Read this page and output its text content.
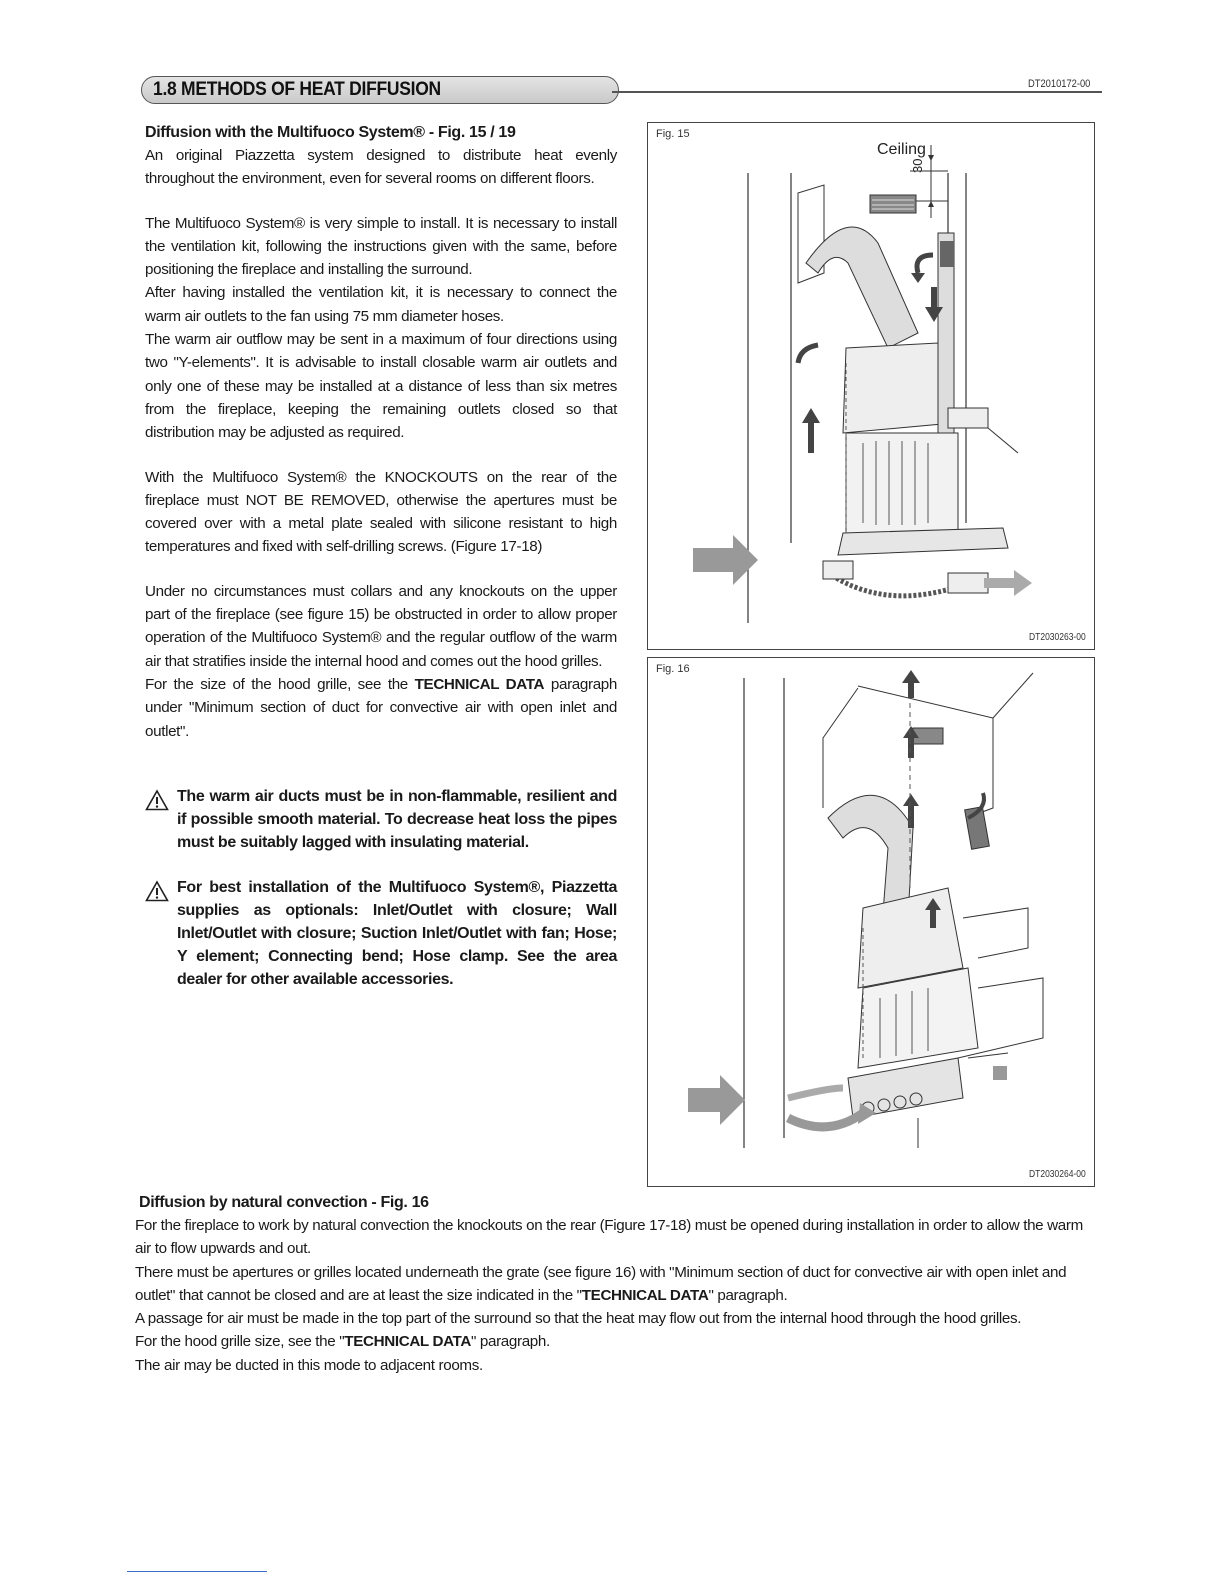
1.8 METHODS OF HEAT DIFFUSION	DT2010172-00
Diffusion with the Multifuoco System® - Fig. 15 / 19

An original Piazzetta system designed to distribute heat evenly throughout the environment, even for several rooms on different floors.

The Multifuoco System® is very simple to install. It is necessary to install the ventilation kit, following the instructions given with the same, before positioning the fireplace and installing the surround.

After having installed the ventilation kit, it is necessary to connect the warm air outlets to the fan using 75 mm diameter hoses.

The warm air outflow may be sent in a maximum of four directions using two "Y-elements". It is advisable to install closable warm air outlets and only one of these may be installed at a distance of less than six metres from the fireplace, keeping the remaining outlets closed so that distribution may be adjusted as required.

With the Multifuoco System® the KNOCKOUTS on the rear of the fireplace must NOT BE REMOVED, otherwise the apertures must be covered over with a metal plate sealed with silicone resistant to high temperatures and fixed with self-drilling screws. (Figure 17-18)

Under no circumstances must collars and any knockouts on the upper part of the fireplace (see figure 15) be obstructed in order to allow proper operation of the Multifuoco System® and the regular outflow of the warm air that stratifies inside the internal hood and comes out the hood grilles.

For the size of the hood grille, see the TECHNICAL DATA paragraph under "Minimum section of duct for convective air with open inlet and outlet".

The warm air ducts must be in non-flammable, resilient and if possible smooth material. To decrease heat loss the pipes must be suitably lagged with insulating material.
For best installation of the Multifuoco System®, Piazzetta supplies as optionals: Inlet/Outlet with closure; Wall Inlet/Outlet with closure; Suction Inlet/Outlet with fan; Hose; Y element; Connecting bend; Hose clamp. See the area dealer for other available accessories.
Fig. 15
DT2030263-00
Ceiling
30
Fig. 16
DT2030264-00
Diffusion by natural convection - Fig. 16

For the fireplace to work by natural convection the knockouts on the rear (Figure 17-18) must be opened during installation in order to allow the warm air to flow upwards and out.

There must be apertures or grilles located underneath the grate (see figure 16) with "Minimum section of duct for convective air with open inlet and outlet" that cannot be closed and are at least the size indicated in the "TECHNICAL DATA" paragraph.

A passage for air must be made in the top part of the surround so that the heat may flow out from the internal hood through the hood grilles.

For the hood grille size, see the "TECHNICAL DATA" paragraph.

The air may be ducted in this mode to adjacent rooms.
